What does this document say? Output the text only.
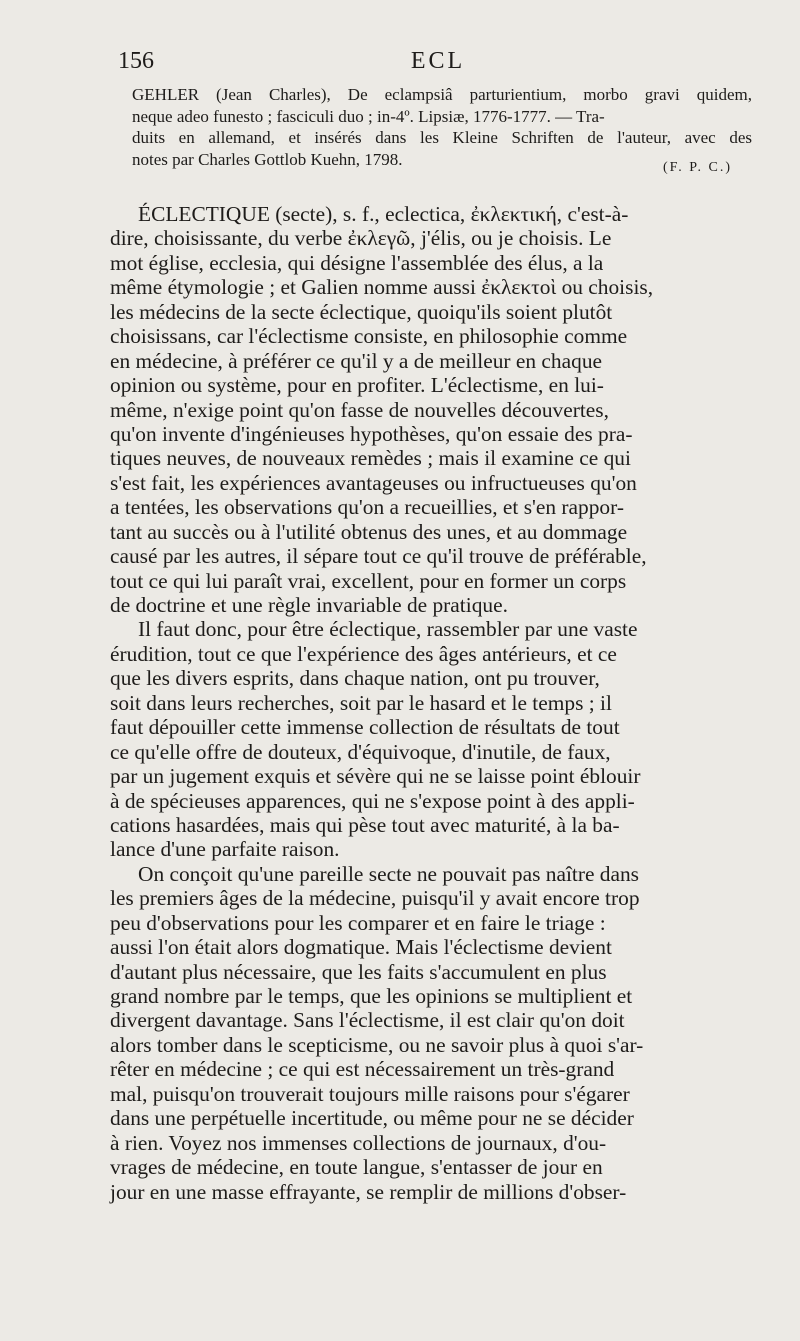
156	ECL
GEHLER (Jean Charles), De eclampsiâ parturientium, morbo gravi quidem,
neque adeo funesto ; fasciculi duo ; in-4º. Lipsiæ, 1776-1777. — Tra-
duits en allemand, et insérés dans les Kleine Schriften de l'auteur, avec des
notes par Charles Gottlob Kuehn, 1798.	(F. P. C.)
ÉCLECTIQUE (secte), s. f., eclectica, ἐκλεκτική, c'est-à-
dire, choisissante, du verbe ἐκλεγῶ, j'élis, ou je choisis. Le
mot église, ecclesia, qui désigne l'assemblée des élus, a la
même étymologie ; et Galien nomme aussi ἐκλεκτοὶ ou choisis,
les médecins de la secte éclectique, quoiqu'ils soient plutôt
choisissans, car l'éclectisme consiste, en philosophie comme
en médecine, à préférer ce qu'il y a de meilleur en chaque
opinion ou système, pour en profiter. L'éclectisme, en lui-
même, n'exige point qu'on fasse de nouvelles découvertes,
qu'on invente d'ingénieuses hypothèses, qu'on essaie des pra-
tiques neuves, de nouveaux remèdes ; mais il examine ce qui
s'est fait, les expériences avantageuses ou infructueuses qu'on
a tentées, les observations qu'on a recueillies, et s'en rappor-
tant au succès ou à l'utilité obtenus des unes, et au dommage
causé par les autres, il sépare tout ce qu'il trouve de préférable,
tout ce qui lui paraît vrai, excellent, pour en former un corps
de doctrine et une règle invariable de pratique.
Il faut donc, pour être éclectique, rassembler par une vaste
érudition, tout ce que l'expérience des âges antérieurs, et ce
que les divers esprits, dans chaque nation, ont pu trouver,
soit dans leurs recherches, soit par le hasard et le temps ; il
faut dépouiller cette immense collection de résultats de tout
ce qu'elle offre de douteux, d'équivoque, d'inutile, de faux,
par un jugement exquis et sévère qui ne se laisse point éblouir
à de spécieuses apparences, qui ne s'expose point à des appli-
cations hasardées, mais qui pèse tout avec maturité, à la ba-
lance d'une parfaite raison.
On conçoit qu'une pareille secte ne pouvait pas naître dans
les premiers âges de la médecine, puisqu'il y avait encore trop
peu d'observations pour les comparer et en faire le triage :
aussi l'on était alors dogmatique. Mais l'éclectisme devient
d'autant plus nécessaire, que les faits s'accumulent en plus
grand nombre par le temps, que les opinions se multiplient et
divergent davantage. Sans l'éclectisme, il est clair qu'on doit
alors tomber dans le scepticisme, ou ne savoir plus à quoi s'ar-
rêter en médecine ; ce qui est nécessairement un très-grand
mal, puisqu'on trouverait toujours mille raisons pour s'égarer
dans une perpétuelle incertitude, ou même pour ne se décider
à rien. Voyez nos immenses collections de journaux, d'ou-
vrages de médecine, en toute langue, s'entasser de jour en
jour en une masse effrayante, se remplir de millions d'obser-
